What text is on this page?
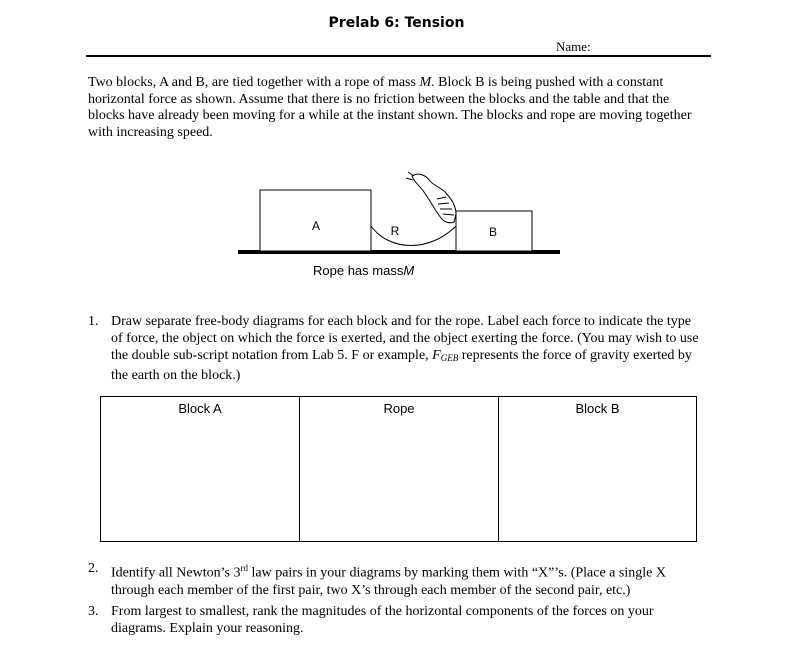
Prelab 6: Tension
Name:
Two blocks, A and B, are tied together with a rope of mass M. Block B is being pushed with a constant horizontal force as shown. Assume that there is no friction between the blocks and the table and that the blocks have already been moving for a while at the instant shown. The blocks and rope are moving together with increasing speed.
A	B
R
Rope has massM
1. Draw separate free-body diagrams for each block and for the rope. Label each force to indicate the type of force, the object on which the force is exerted, and the object exerting the force. (You may wish to use the double sub-script notation from Lab 5. F or example, $F_{GEB}$ represents the force of gravity exerted by the earth on the block.)
Block A	Rope	Block B
2. Identify all Newton’s 3rd law pairs in your diagrams by marking them with “X”’s. (Place a single X through each member of the first pair, two X’s through each member of the second pair, etc.)
3. From largest to smallest, rank the magnitudes of the horizontal components of the forces on your diagrams. Explain your reasoning.
